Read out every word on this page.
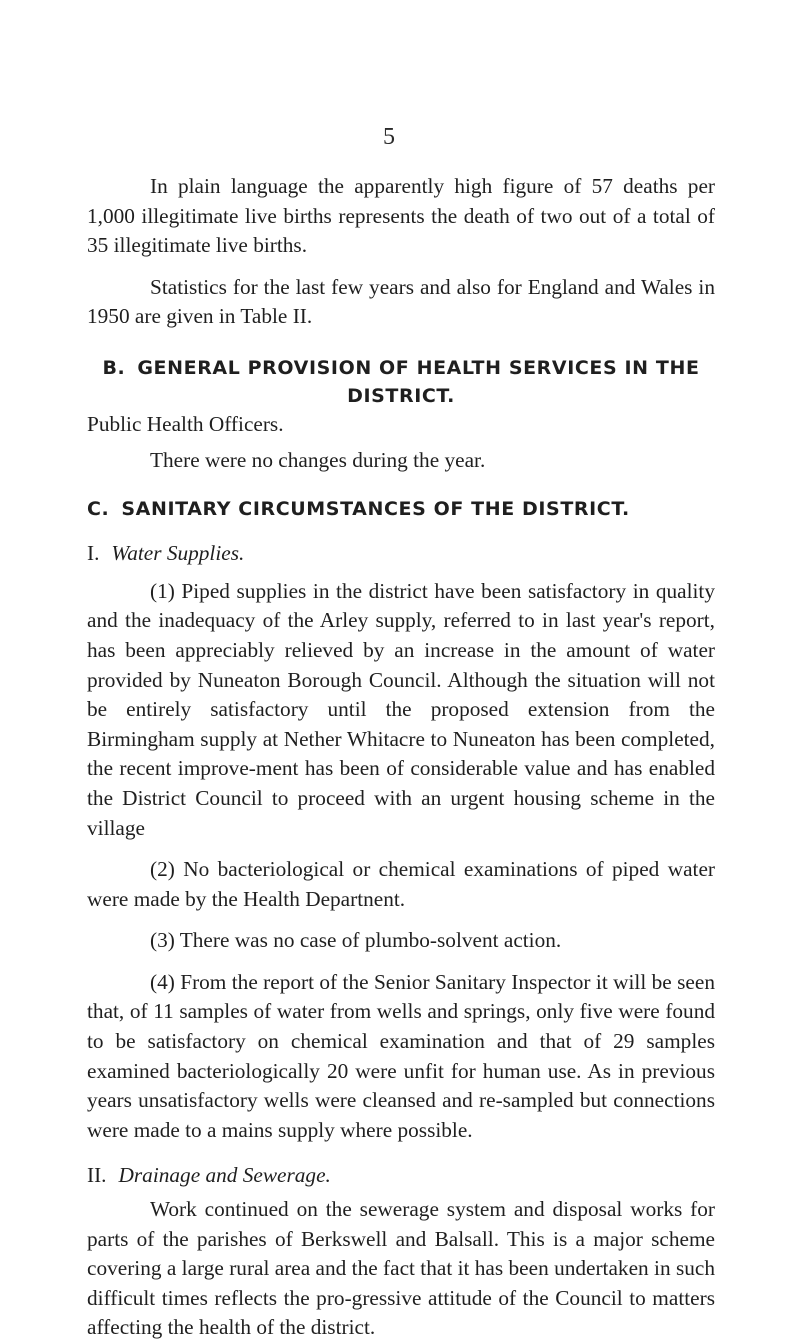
5

In plain language the apparently high figure of 57 deaths per 1,000 illegitimate live births represents the death of two out of a total of 35 illegitimate live births.

Statistics for the last few years and also for England and Wales in 1950 are given in Table II.

B. GENERAL PROVISION OF HEALTH SERVICES IN THE DISTRICT.

Public Health Officers.

There were no changes during the year.

C. SANITARY CIRCUMSTANCES OF THE DISTRICT.
I. Water Supplies.

(1) Piped supplies in the district have been satisfactory in quality and the inadequacy of the Arley supply, referred to in last year's report, has been appreciably relieved by an increase in the amount of water provided by Nuneaton Borough Council. Although the situation will not be entirely satisfactory until the proposed extension from the Birmingham supply at Nether Whitacre to Nuneaton has been completed, the recent improve-ment has been of considerable value and has enabled the District Council to proceed with an urgent housing scheme in the village

(2) No bacteriological or chemical examinations of piped water were made by the Health Departnent.

(3) There was no case of plumbo-solvent action.

(4) From the report of the Senior Sanitary Inspector it will be seen that, of 11 samples of water from wells and springs, only five were found to be satisfactory on chemical examination and that of 29 samples examined bacteriologically 20 were unfit for human use. As in previous years unsatisfactory wells were cleansed and re-sampled but connections were made to a mains supply where possible.

II. Drainage and Sewerage.

Work continued on the sewerage system and disposal works for parts of the parishes of Berkswell and Balsall. This is a major scheme covering a large rural area and the fact that it has been undertaken in such difficult times reflects the pro-gressive attitude of the Council to matters affecting the health of the district.
